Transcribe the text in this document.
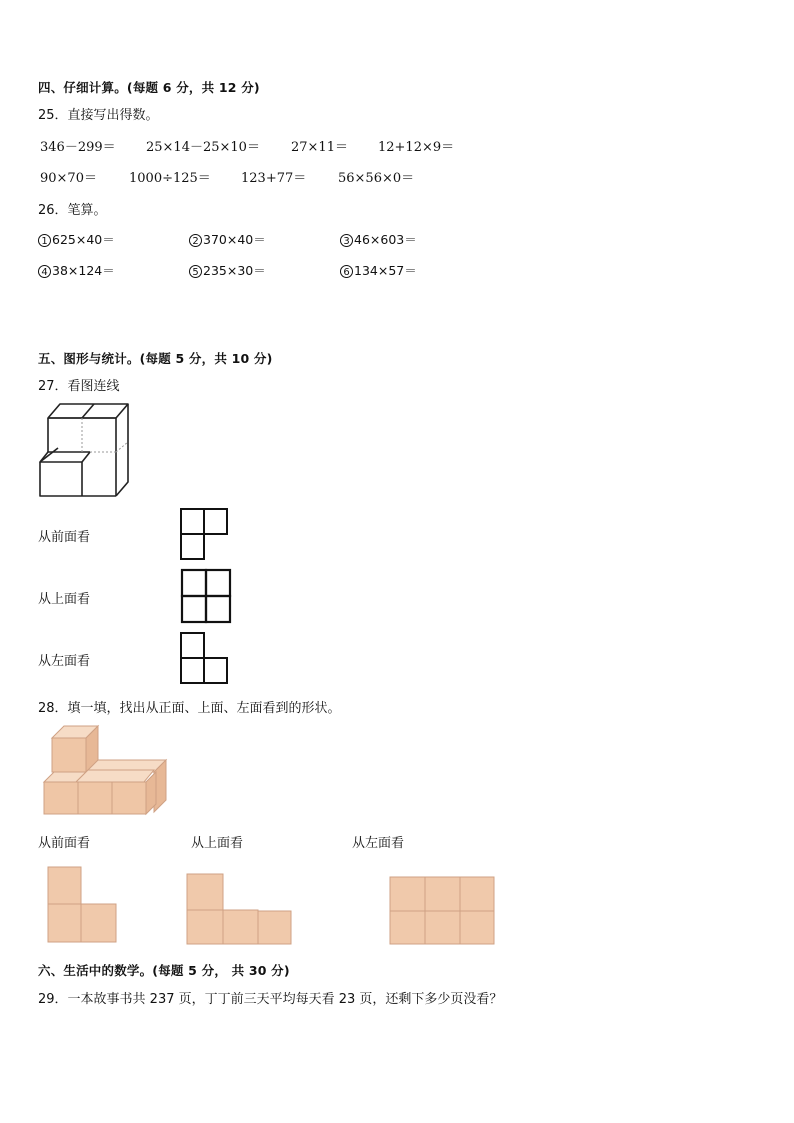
四、仔细计算。(每题 6 分，共 12 分)
25．直接写出得数。
346－299＝ 25×14－25×10＝ 27×11＝ 12+12×9＝
90×70＝ 1000÷125＝ 123+77＝ 56×56×0＝
26．笔算。
1 625×40＝	2 370×40＝	3 46×603＝
4 38×124＝	5 235×30＝	6 134×57＝
五、图形与统计。(每题 5 分，共 10 分)
27．看图连线
从前面看
从上面看
从左面看
28．填一填，找出从正面、上面、左面看到的形状。
从前面看	从上面看	从左面看
六、生活中的数学。(每题 5 分， 共 30 分)
29．一本故事书共 237 页，丁丁前三天平均每天看 23 页，还剩下多少页没看？
